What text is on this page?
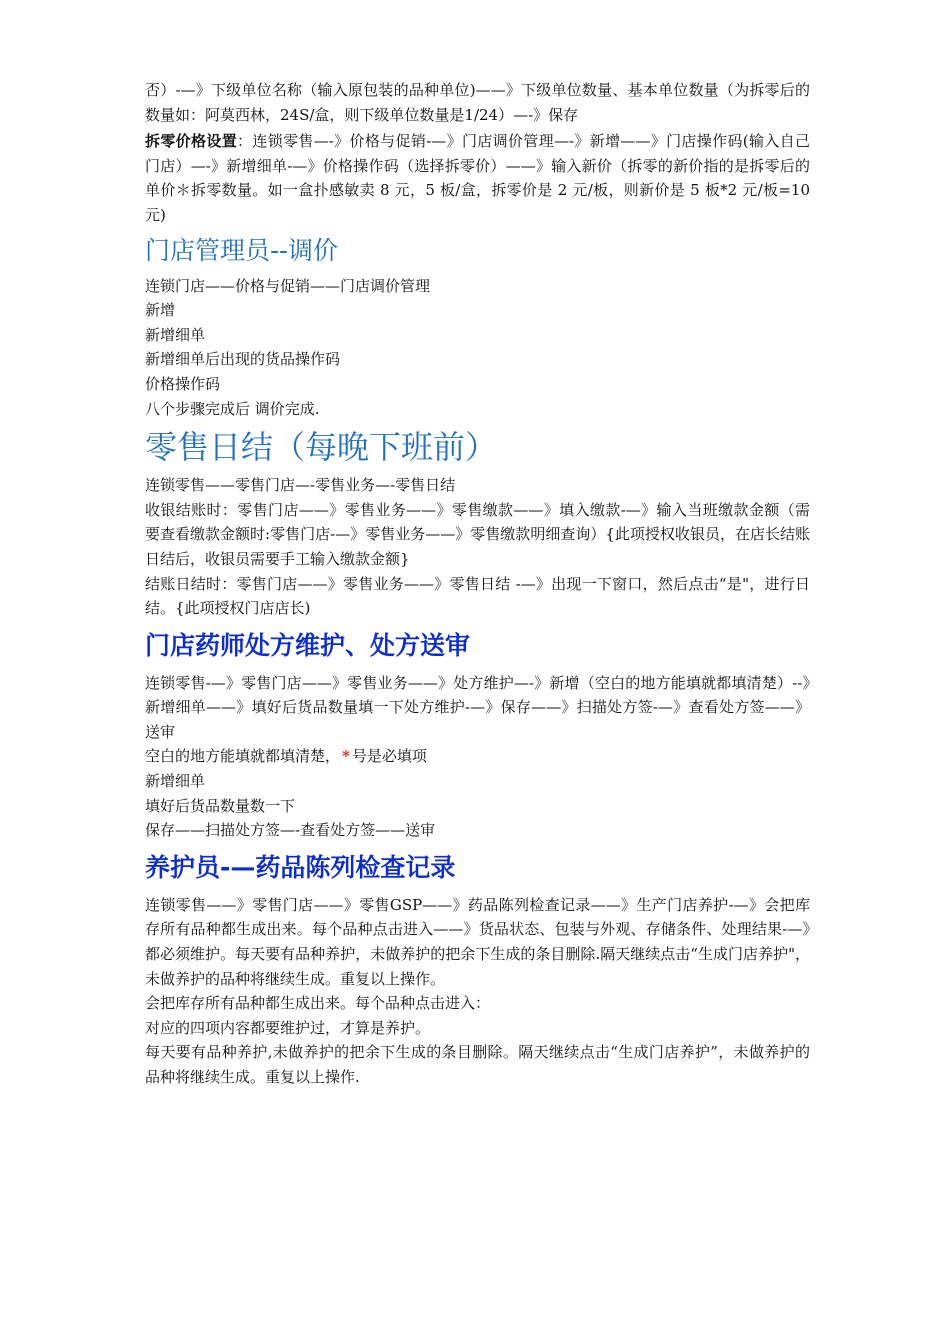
否）-—》下级单位名称（输入原包装的品种单位)——》下级单位数量、基本单位数量（为拆零后的数量如：阿莫西林，24S/盒，则下级单位数量是1/24）—-》保存

拆零价格设置：连锁零售—-》价格与促销-—》门店调价管理—-》新增——》门店操作码(输入自己门店）—-》新增细单-—》价格操作码（选择拆零价）——》输入新价（拆零的新价指的是拆零后的单价＊拆零数量。如一盒扑感敏卖 8 元，5 板/盒，拆零价是 2 元/板，则新价是 5 板*2 元/板=10 元)

门店管理员--调价

连锁门店——价格与促销——门店调价管理

新增

新增细单

新增细单后出现的货品操作码

价格操作码

八个步骤完成后 调价完成.

零售日结（每晚下班前）

连锁零售——零售门店—-零售业务—-零售日结

收银结账时：零售门店——》零售业务——》零售缴款——》填入缴款-—》输入当班缴款金额（需要查看缴款金额时:零售门店-—》零售业务——》零售缴款明细查询）{此项授权收银员，在店长结账日结后，收银员需要手工输入缴款金额}

结账日结时：零售门店——》零售业务——》零售日结 -—》出现一下窗口，然后点击“是"，进行日结。{此项授权门店店长)

门店药师处方维护、处方送审

连锁零售-—》零售门店——》零售业务——》处方维护—-》新增（空白的地方能填就都填清楚）--》新增细单——》填好后货品数量填一下处方维护-—》保存——》扫描处方签-—》查看处方签——》送审

空白的地方能填就都填清楚， * 号是必填项

新增细单

填好后货品数量数一下

保存——扫描处方签—-查看处方签——送审

养护员-—药品陈列检查记录

连锁零售——》零售门店——》零售GSP——》药品陈列检查记录——》生产门店养护-—》会把库存所有品种都生成出来。每个品种点击进入——》货品状态、包装与外观、存储条件、处理结果-—》都必须维护。每天要有品种养护，未做养护的把余下生成的条目删除.隔天继续点击“生成门店养护"，未做养护的品种将继续生成。重复以上操作。

会把库存所有品种都生成出来。每个品种点击进入：

对应的四项内容都要维护过，才算是养护。

每天要有品种养护,未做养护的把余下生成的条目删除。隔天继续点击“生成门店养护”，未做养护的品种将继续生成。重复以上操作.
